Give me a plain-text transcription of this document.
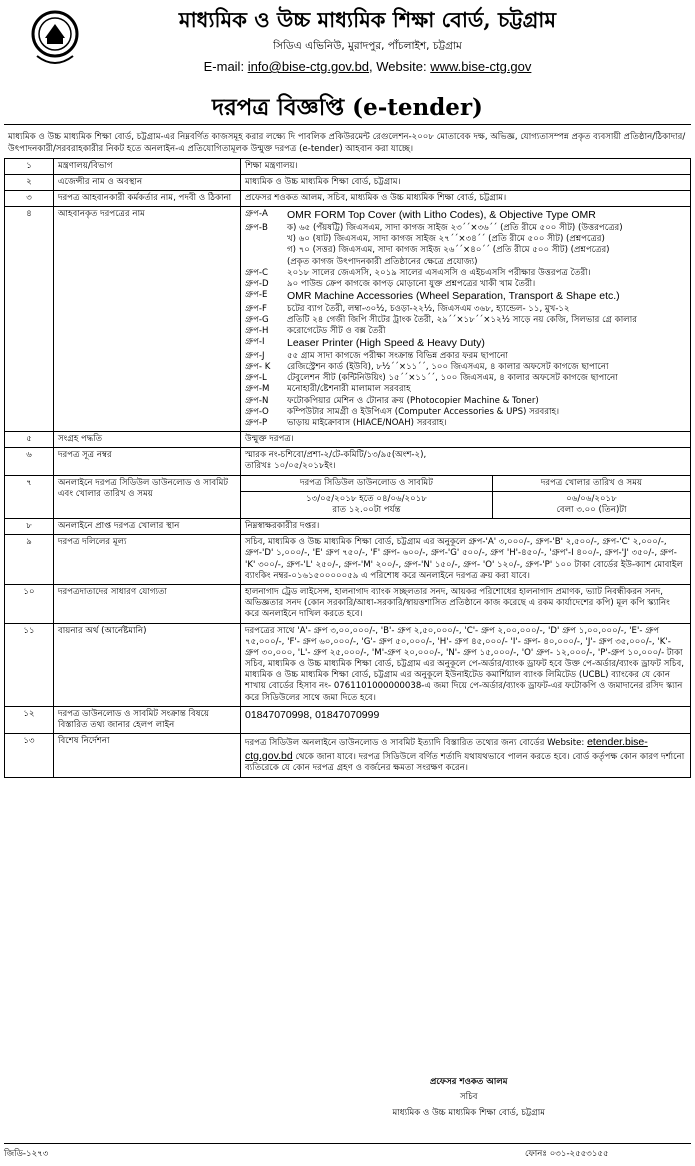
মাধ্যমিক ও উচ্চ মাধ্যমিক শিক্ষা বোর্ড, চট্টগ্রাম
সিডিএ এভিনিউ, মুরাদপুর, পাঁচলাইশ, চট্টগ্রাম
E-mail: info@bise-ctg.gov.bd, Website: www.bise-ctg.gov
দরপত্র বিজ্ঞপ্তি (e-tender)
মাধ্যমিক ও উচ্চ মাধ্যমিক শিক্ষা বোর্ড, চট্টগ্রাম-এর নিম্নবর্ণিত কাজসমূহ করার লক্ষ্যে দি পাবলিক প্রকিউরমেন্ট রেগুলেশন-২০০৮ মোতাবেক দক্ষ, অভিজ্ঞ, যোগ্যতাসম্পন্ন প্রকৃত ব্যবসায়ী প্রতিষ্ঠান/ঠিকাদার/উৎপাদনকারী/সরবরাহকারীর নিকট হতে অনলাইন-এ প্রতিযোগিতামূলক উন্মুক্ত দরপত্র (e-tender) আহবান করা যাচ্ছে।
১	মন্ত্রণালয়/বিভাগ	শিক্ষা মন্ত্রণালয়।
২	এজেন্সীর নাম ও অবস্থান	মাধ্যমিক ও উচ্চ মাধ্যমিক শিক্ষা বোর্ড, চট্টগ্রাম।
৩	দরপত্র আহবানকারী কর্মকর্তার নাম, পদবী ও ঠিকানা	প্রফেসর শওকত আলম, সচিব, মাধ্যমিক ও উচ্চ মাধ্যমিক শিক্ষা বোর্ড, চট্টগ্রাম।
৪	আহবানকৃত দরপত্রের নাম	গ্রুপ-A	OMR FORM Top Cover (with Litho Codes), & Objective Type OMR
গ্রুপ-B	ক) ৬৫ (পঁয়ষট্টি) জিএসএম, সাদা কাগজ সাইজ ২৩´´×৩৬´´ (প্রতি রীমে ৫০০ সীট) (উত্তরপত্রের)
খ) ৬০ (ষাট) জিএসএম, সাদা কাগজ সাইজ ২৭´´×৩৪´´ (প্রতি রীমে ৫০০ সীট) (প্রশ্নপত্রের)
গ) ৭০ (সত্তর) জিএসএম, সাদা কাগজ সাইজ ২৬´´×৪০´´ (প্রতি রীমে ৫০০ সীট) (প্রশ্নপত্রের)
(প্রকৃত কাগজ উৎপাদনকারী প্রতিষ্ঠানের ক্ষেত্রে প্রযোজ্য)
গ্রুপ-C	২০১৮ সালের জেএসসি, ২০১৯ সালের এসএসসি ও এইচএসসি পরীক্ষার উত্তরপত্র তৈরী।
গ্রুপ-D	৯০ পাউন্ড ক্রেপ কাগজে কাপড় মোড়ানো যুক্ত প্রশ্নপত্রের খাকী খাম তৈরী।
গ্রুপ-E	OMR Machine Accessories (Wheel Separation, Transport & Shape etc.)
গ্রুপ-F	চটের ব্যাগ তৈরী, লম্বা-৩০½, চওড়া-২২½, জিএসএম ৩৬৮, হ্যান্ডেল- ১১, মুখ-১২
গ্রুপ-G	প্রতিটি ২৪ গেজী জিপি সীটের ট্রাংক তৈরী, ২৯´´×১৮´´×১২½ সাড়ে নয় কেজি, সিলভার গ্রে কালার
গ্রুপ-H	করোগেটেড সীট ও বক্স তৈরী
গ্রুপ-I	Leaser Printer (High Speed & Heavy Duty)
গ্রুপ-J	৫৫ গ্রাম সাদা কাগজে পরীক্ষা সংক্রান্ত বিভিন্ন প্রকার ফরম ছাপানো
গ্রুপ- K	রেজিস্ট্রেশন কার্ড (ইউবি), ৮½´´×১১´´, ১০০ জিএসএম, ৪ কালার অফসেট কাগজে ছাপানো
গ্রুপ-L	টেবুলেশন সীট (কন্টিনিউয়িং) ১৫´´×১১´´, ১০০ জিএসএম, ৪ কালার অফসেট কাগজে ছাপানো
গ্রুপ-M	মনোহারী/ষ্টেশনারী মালামাল সরবরাহ
গ্রুপ-N	ফটোকপিয়ার মেশিন ও টোনার ক্রয় (Photocopier Machine & Toner)
গ্রুপ-O	কম্পিউটার সামগ্রী ও ইউপিএস (Computer Accessories & UPS) সরবরাহ।
গ্রুপ-P	ভাড়ায় মাইক্রোবাস (HIACE/NOAH) সরবরাহ।

৫	সংগ্রহ পদ্ধতি	উন্মুক্ত দরপত্র।
৬	দরপত্র সূত্র নম্বর	স্মারক নং-চশিবো/প্রশা-২/টে-কমিটি/১৩/৯৫(অংশ-২),
তারিখঃ ১০/০৫/২০১৮ইং।

৭	অনলাইনে দরপত্র সিডিউল ডাউনলোড ও সাবমিট এবং খোলার তারিখ ও সময়	
দরপত্র সিডিউল ডাউনলোড ও সাবমিট	দরপত্র খোলার তারিখ ও সময়

১৩/০৫/২০১৮ হতে ০৪/০৬/২০১৮
রাত ১২.০০টা পর্যন্ত

০৬/০৬/২০১৮
বেলা ৩.০০ (তিন)টা

৮	অনলাইনে প্রাপ্ত দরপত্র খোলার স্থান	নিম্নস্বাক্ষরকারীর দপ্তর।
৯	দরপত্র দলিলের মূল্য	সচিব, মাধ্যমিক ও উচ্চ মাধ্যমিক শিক্ষা বোর্ড, চট্টগ্রাম এর অনুকূলে গ্রুপ-'A' ৩,০০০/-, গ্রুপ-'B' ২,৫০০/-, গ্রুপ-'C' ২,০০০/-, গ্রুপ-'D' ১,০০০/-, 'E' গ্রুপ ৭৫০/-, 'F' গ্রুপ- ৬০০/-, গ্রুপ-'G' ৫০০/-, গ্রুপ 'H'-৪৫০/-, 'গ্রুপ'-I ৪০০/-, গ্রুপ-'J' ৩৫০/-, গ্রুপ-'K' ৩০০/-, গ্রুপ-'L' ২৫০/-, গ্রুপ-'M' ২০০/-, গ্রুপ-'N' ১৫০/-, গ্রুপ- 'O' ১২০/-, গ্রুপ-'P' ১০০ টাকা বোর্ডের ইউ-ক্যাশ মোবাইল ব্যাংকিং নম্বর-০১৬১৫০০০০০৫৯ এ পরিশোধ করে অনলাইনে দরপত্র ক্রয় করা যাবে।
১০	দরপত্রদাতাদের সাধারণ যোগ্যতা	হালনাগাদ ট্রেড লাইসেন্স, হালনাগাদ ব্যাংক সচ্ছলতার সনদ, আয়কর পরিশোধের হালনাগাদ প্রমাণক, ভ্যাট নিবন্ধীকরন সনদ, অভিজ্ঞতার সনদ (কোন সরকারি/আধা-সরকারি/স্বায়ত্তশাসিত প্রতিষ্ঠানে কাজ করেছে এ রকম কার্যাদেশের কপি) মূল কপি স্ক্যানিং করে অনলাইনে দাখিল করতে হবে।
১১	বায়নার অর্থ (আর্নেষ্টমানি)	দরপত্রের সাথে 'A'- গ্রুপ ৩,০০,০০০/-, 'B'- গ্রুপ ২,৫০,০০০/-, 'C'- গ্রুপ ২,০০,০০০/-, 'D' গ্রুপ ১,০০,০০০/-, 'E'- গ্রুপ ৭৫,০০০/-, 'F'- গ্রুপ ৬০,০০০/-, 'G'- গ্রুপ ৫০,০০০/-, 'H'- গ্রুপ ৪৫,০০০/- 'I'- গ্রুপ- ৪০,০০০/-, 'J'- গ্রুপ ৩৫,০০০/-, 'K'- গ্রুপ ৩০,০০০, 'L'- গ্রুপ ২৫,০০০/-, 'M'-গ্রুপ ২০,০০০/-, 'N'- গ্রুপ ১৫,০০০/-, 'O' গ্রুপ- ১২,০০০/-, 'P'-গ্রুপ ১০,০০০/- টাকা সচিব, মাধ্যমিক ও উচ্চ মাধ্যমিক শিক্ষা বোর্ড, চট্টগ্রাম এর অনুকূলে পে-অর্ডার/ব্যাংক ড্রাফট হবে উক্ত পে-অর্ডার/ব্যাংক ড্রাফট সচিব, মাধ্যমিক ও উচ্চ মাধ্যমিক শিক্ষা বোর্ড, চট্টগ্রাম এর অনুকূলে ইউনাইটেড কমার্শিয়াল ব্যাংক লিমিটেড (UCBL) ব্যাংকের যে কোন শাখায় বোর্ডের হিসাব নং- 0761101000000038-এ জমা দিয়ে পে-অর্ডার/ব্যাংক ড্রাফট-এর ফটোকপি ও জমাদানের রসিদ স্ক্যান করে সিডিউলের সাথে জমা দিতে হবে।
১২	দরপত্র ডাউনলোড ও সাবমিট সংক্রান্ত বিষয়ে বিস্তারিত তথ্য জানার হেলপ লাইন	01847070998, 01847070999
১৩	বিশেষ নির্দেশনা	দরপত্র সিডিউল অনলাইনে ডাউনলোড ও সাবমিট ইত্যাদি বিস্তারিত তথ্যের জন্য বোর্ডের Website: etender.bise-ctg.gov.bd থেকে জানা যাবে। দরপত্র সিডিউলে বর্ণিত শর্তাদি যথাযথভাবে পালন করতে হবে। বোর্ড কর্তৃপক্ষ কোন কারণ দর্শানো ব্যতিরেকে যে কোন দরপত্র গ্রহণ ও বর্জনের ক্ষমতা সংরক্ষণ করেন।
প্রফেসর শওকত আলম
সচিব
মাধ্যমিক ও উচ্চ মাধ্যমিক শিক্ষা বোর্ড, চট্টগ্রাম
জিডি-১২৭৩	ফোনঃ ০৩১-২৫৫৩১৫৫
